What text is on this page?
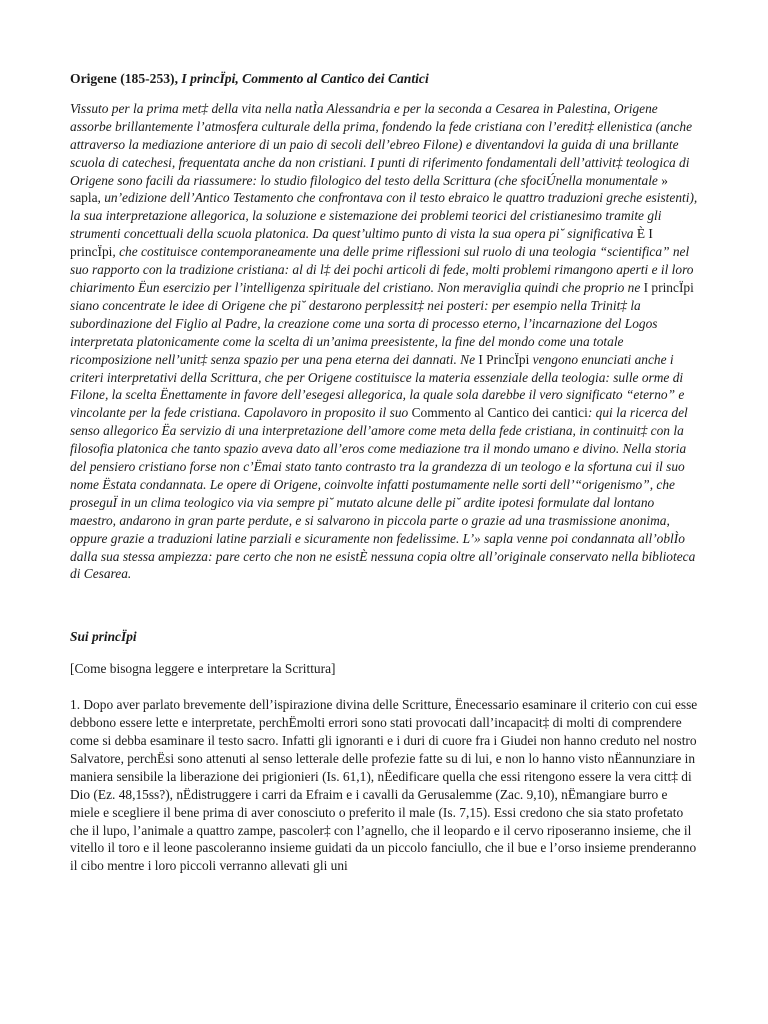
Origene (185-253), I princÏpi, Commento al Cantico dei Cantici

Vissuto per la prima met‡ della vita nella natÌa Alessandria e per la seconda a Cesarea in Palestina, Origene assorbe brillantemente l’atmosfera culturale della prima, fondendo la fede cristiana con l’eredit‡ ellenistica (anche attraverso la mediazione anteriore di un paio di secoli dell’ebreo Filone) e diventandovi la guida di una brillante scuola di catechesi, frequentata anche da non cristiani. I punti di riferimento fondamentali dell’attivit‡ teologica di Origene sono facili da riassumere: lo studio filologico del testo della Scrittura (che sfociÚnella monumentale » sapla, un’edizione dell’Antico Testamento che confrontava con il testo ebraico le quattro traduzioni greche esistenti), la sua interpretazione allegorica, la soluzione e sistemazione dei problemi teorici del cristianesimo tramite gli strumenti concettuali della scuola platonica. Da quest’ultimo punto di vista la sua opera pi˘ significativa È I princÏpi, che costituisce contemporaneamente una delle prime riflessioni sul ruolo di una teologia “scientifica” nel suo rapporto con la tradizione cristiana: al di l‡ dei pochi articoli di fede, molti problemi rimangono aperti e il loro chiarimento Ëun esercizio per l’intelligenza spirituale del cristiano. Non meraviglia quindi che proprio ne I princÏpi siano concentrate le idee di Origene che pi˘ destarono perplessit‡ nei posteri: per esempio nella Trinit‡ la subordinazione del Figlio al Padre, la creazione come una sorta di processo eterno, l’incarnazione del Logos interpretata platonicamente come la scelta di un’anima preesistente, la fine del mondo come una totale ricomposizione nell’unit‡ senza spazio per una pena eterna dei dannati. Ne I PrincÏpi vengono enunciati anche i criteri interpretativi della Scrittura, che per Origene costituisce la materia essenziale della teologia: sulle orme di Filone, la scelta Ënettamente in favore dell’esegesi allegorica, la quale sola darebbe il vero significato “eterno” e vincolante per la fede cristiana. Capolavoro in proposito il suo Commento al Cantico dei cantici: qui la ricerca del senso allegorico Ëa servizio di una interpretazione dell’amore come meta della fede cristiana, in continuit‡ con la filosofia platonica che tanto spazio aveva dato all’eros come mediazione tra il mondo umano e divino. Nella storia del pensiero cristiano forse non c’Ëmai stato tanto contrasto tra la grandezza di un teologo e la sfortuna cui il suo nome Ëstata condannata. Le opere di Origene, coinvolte infatti postumamente nelle sorti dell’“origenismo”, che proseguÏ in un clima teologico via via sempre pi˘ mutato alcune delle pi˘ ardite ipotesi formulate dal lontano maestro, andarono in gran parte perdute, e si salvarono in piccola parte o grazie ad una trasmissione anonima, oppure grazie a traduzioni latine parziali e sicuramente non fedelissime. L’» sapla venne poi condannata all’oblÌo dalla sua stessa ampiezza: pare certo che non ne esistÈ nessuna copia oltre all’originale conservato nella biblioteca di Cesarea.

Sui princÏpi

[Come bisogna leggere e interpretare la Scrittura]

1. Dopo aver parlato brevemente dell’ispirazione divina delle Scritture, Ënecessario esaminare il criterio con cui esse debbono essere lette e interpretate, perchËmolti errori sono stati provocati dall’incapacit‡ di molti di comprendere come si debba esaminare il testo sacro. Infatti gli ignoranti e i duri di cuore fra i Giudei non hanno creduto nel nostro Salvatore, perchËsi sono attenuti al senso letterale delle profezie fatte su di lui, e non lo hanno visto nËannunziare in maniera sensibile la liberazione dei prigionieri (Is. 61,1), nËedificare quella che essi ritengono essere la vera citt‡ di Dio (Ez. 48,15ss?), nËdistruggere i carri da Efraim e i cavalli da Gerusalemme (Zac. 9,10), nËmangiare burro e miele e scegliere il bene prima di aver conosciuto o preferito il male (Is. 7,15). Essi credono che sia stato profetato che il lupo, l’animale a quattro zampe, pascoler‡ con l’agnello, che il leopardo e il cervo riposeranno insieme, che il vitello il toro e il leone pascoleranno insieme guidati da un piccolo fanciullo, che il bue e l’orso insieme prenderanno il cibo mentre i loro piccoli verranno allevati gli uni
